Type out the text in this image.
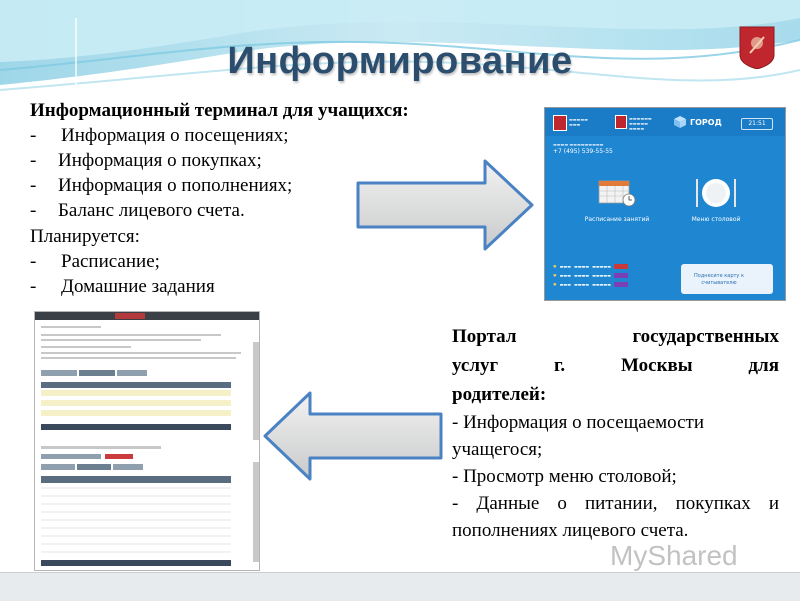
Информирование
Информационный терминал для учащихся:
-	Информация о посещениях;
-	Информация о покупках;
-	Информация о пополнениях;
-	Баланс лицевого счета.
Планируется:
-	Расписание;
-	Домашние задания
▬▬▬▬▬
▬▬▬
▬▬▬▬▬▬
▬▬▬▬▬
▬▬▬▬
ГОРОД	21:51
▬▬▬▬ ▬▬▬▬▬▬▬▬▬
+7 (495) 539-55-55
Расписание занятий	Меню столовой
♥ ▬▬▬ ▬▬▬▬ ▬▬▬▬▬
♥ ▬▬▬ ▬▬▬▬ ▬▬▬▬▬
♥ ▬▬▬ ▬▬▬▬ ▬▬▬▬▬
Поднесите карту к считывателю
Портал государственных
услуг г. Москвы для
родителей:
- Информация о посещаемости учащегося;
- Просмотр меню столовой;
- Данные о питании, покупках и пополнениях лицевого счета.
MyShared
